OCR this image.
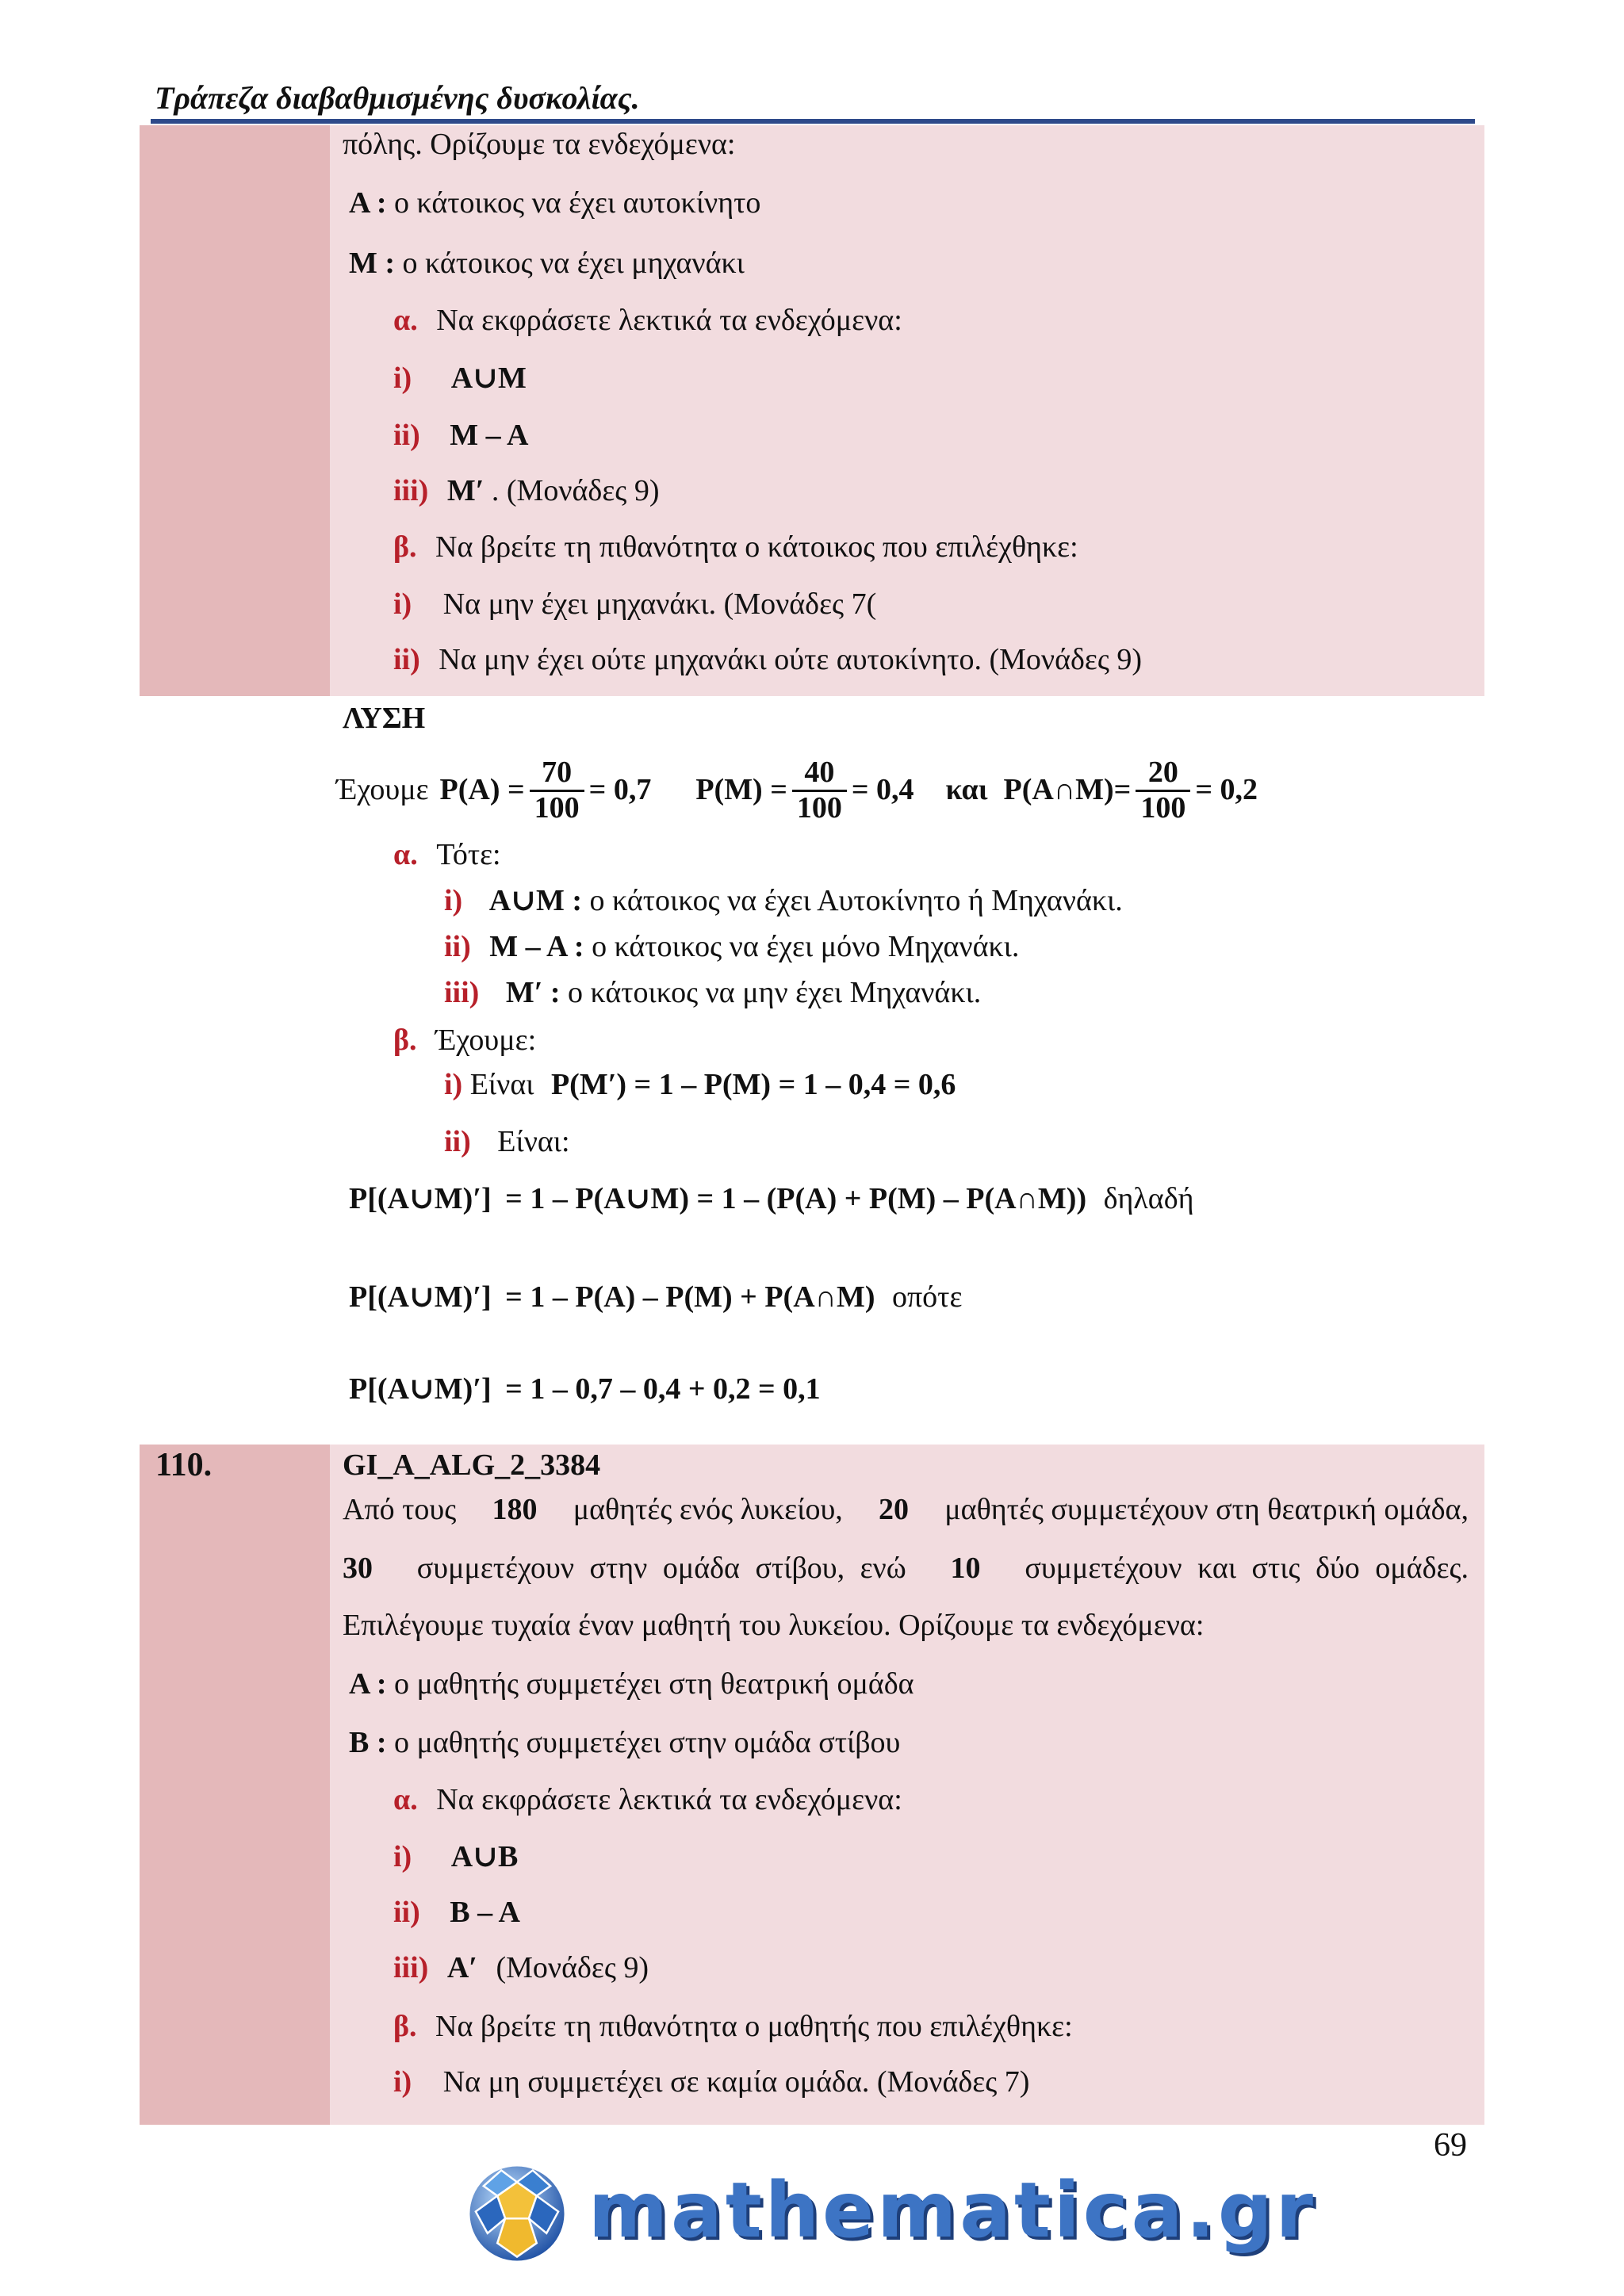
Τράπεζα διαβαθμισμένης δυσκολίας.
πόλης. Ορίζουμε τα ενδεχόμενα:
A : ο κάτοικος να έχει αυτοκίνητο
M : ο κάτοικος να έχει μηχανάκι
α. Να εκφράσετε λεκτικά τα ενδεχόμενα:
i) A∪M
ii) M – A
iii) M′ . (Μονάδες 9)
β. Να βρείτε τη πιθανότητα ο κάτοικος που επιλέχθηκε:
i) Να μην έχει μηχανάκι. (Μονάδες 7(
ii) Να μην έχει ούτε μηχανάκι ούτε αυτοκίνητο. (Μονάδες 9)
ΛΥΣΗ
Έχουμε $P(A) = \frac{70}{100} = 0,7$ $P(M) = \frac{40}{100} = 0,4$ και P(A∩M)= $\frac{20}{100} = 0,2$
α. Τότε:
i) A∪M : ο κάτοικος να έχει Αυτοκίνητο ή Μηχανάκι.
ii) M – A : ο κάτοικος να έχει μόνο Μηχανάκι.
iii) M′ : ο κάτοικος να μην έχει Μηχανάκι.
β. Έχουμε:
i) Είναι P(M′) = 1 – P(M) = 1 – 0,4 = 0,6
ii) Είναι:
P[(A∪M)′] = 1 – P(A∪M) = 1 – (P(A) + P(M) – P(A∩M)) δηλαδή
P[(A∪M)′] = 1 – P(A) – P(M) + P(A∩M) οπότε
P[(A∪M)′] = 1 – 0,7 – 0,4 + 0,2 = 0,1
110.	GI_A_ALG_2_3384
Από τους 180 μαθητές ενός λυκείου, 20 μαθητές συμμετέχουν στη θεατρική ομάδα,
30 συμμετέχουν στην ομάδα στίβου, ενώ 10 συμμετέχουν και στις δύο ομάδες.
Επιλέγουμε τυχαία έναν μαθητή του λυκείου. Ορίζουμε τα ενδεχόμενα:
A : ο μαθητής συμμετέχει στη θεατρική ομάδα
B : ο μαθητής συμμετέχει στην ομάδα στίβου
α. Να εκφράσετε λεκτικά τα ενδεχόμενα:
i) A∪B
ii) B – A
iii) A′ (Μονάδες 9)
β. Να βρείτε τη πιθανότητα ο μαθητής που επιλέχθηκε:
i) Να μη συμμετέχει σε καμία ομάδα. (Μονάδες 7)
69
mathematica.gr
